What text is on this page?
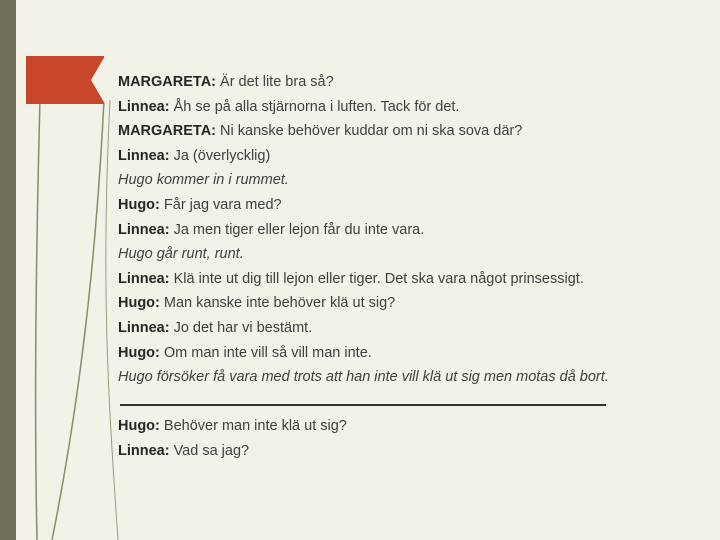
MARGARETA: Är det lite bra så?
Linnea: Åh se på alla stjärnorna i luften. Tack för det.
MARGARETA: Ni kanske behöver kuddar om ni ska sova där?
Linnea: Ja (överlycklig)
Hugo kommer in i rummet.
Hugo: Får jag vara med?
Linnea: Ja men tiger eller lejon får du inte vara.
Hugo går runt, runt.
Linnea: Klä inte ut dig till lejon eller tiger. Det ska vara något prinsessigt.
Hugo: Man kanske inte behöver klä ut sig?
Linnea: Jo det har vi bestämt.
Hugo: Om man inte vill så vill man inte.
Hugo försöker få vara med trots att han inte vill klä ut sig men motas då bort.
Hugo: Behöver man inte klä ut sig?
Linnea: Vad sa jag?
